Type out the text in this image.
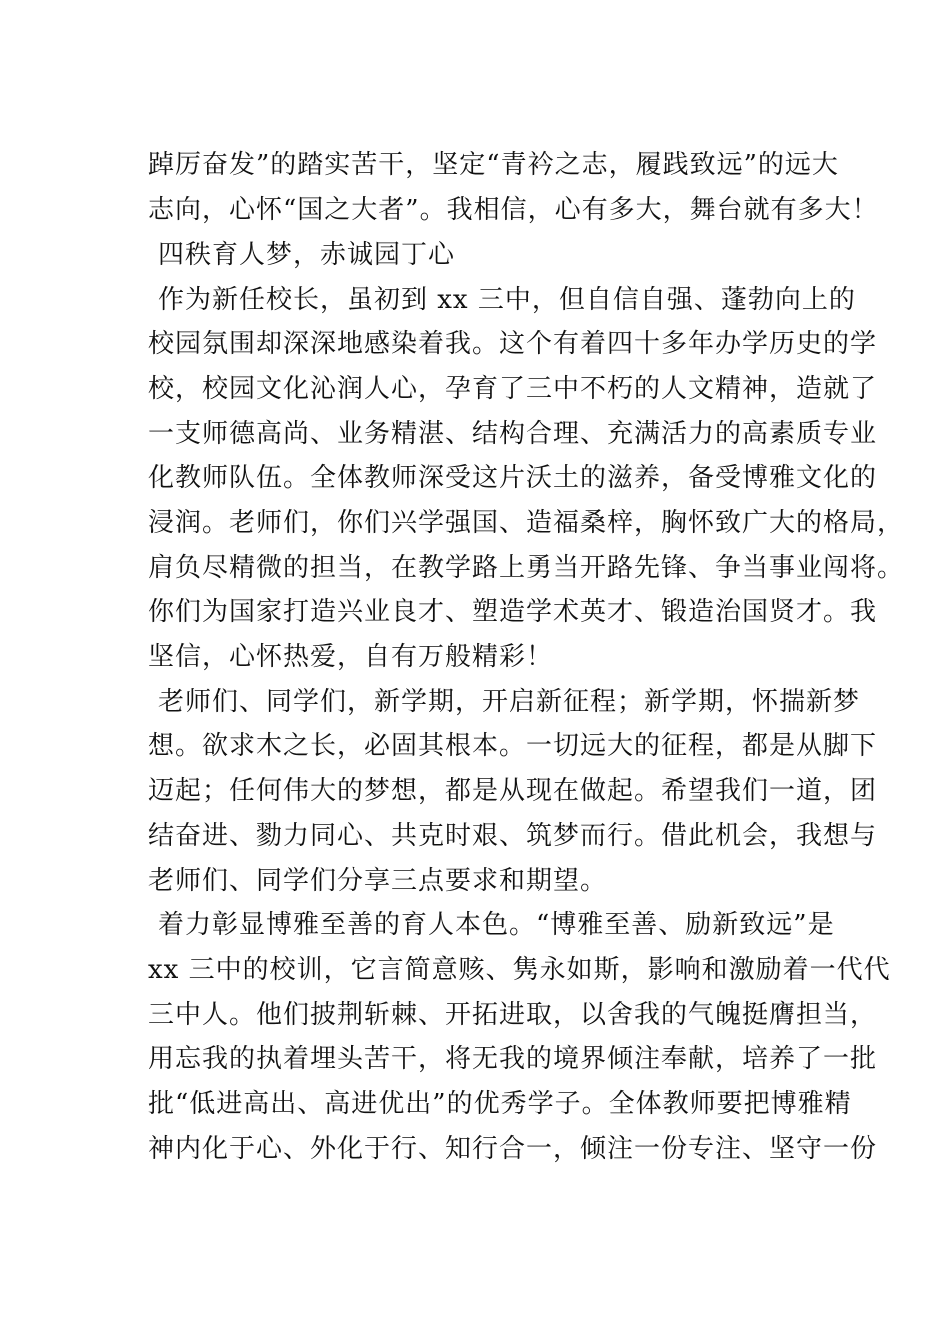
踔厉奋发”的踏实苦干，坚定“青衿之志，履践致远”的远大
志向，心怀“国之大者”。我相信，心有多大，舞台就有多大！
四秩育人梦，赤诚园丁心
作为新任校长，虽初到 xx 三中，但自信自强、蓬勃向上的
校园氛围却深深地感染着我。这个有着四十多年办学历史的学
校，校园文化沁润人心，孕育了三中不朽的人文精神，造就了
一支师德高尚、业务精湛、结构合理、充满活力的高素质专业
化教师队伍。全体教师深受这片沃土的滋养，备受博雅文化的
浸润。老师们，你们兴学强国、造福桑梓，胸怀致广大的格局，
肩负尽精微的担当，在教学路上勇当开路先锋、争当事业闯将。
你们为国家打造兴业良才、塑造学术英才、锻造治国贤才。我
坚信，心怀热爱，自有万般精彩！
老师们、同学们，新学期，开启新征程；新学期，怀揣新梦
想。欲求木之长，必固其根本。一切远大的征程，都是从脚下
迈起；任何伟大的梦想，都是从现在做起。希望我们一道，团
结奋进、勠力同心、共克时艰、筑梦而行。借此机会，我想与
老师们、同学们分享三点要求和期望。
着力彰显博雅至善的育人本色。“博雅至善、励新致远”是
xx 三中的校训，它言简意赅、隽永如斯，影响和激励着一代代
三中人。他们披荆斩棘、开拓进取，以舍我的气魄挺膺担当，
用忘我的执着埋头苦干，将无我的境界倾注奉献，培养了一批
批“低进高出、高进优出”的优秀学子。全体教师要把博雅精
神内化于心、外化于行、知行合一，倾注一份专注、坚守一份
